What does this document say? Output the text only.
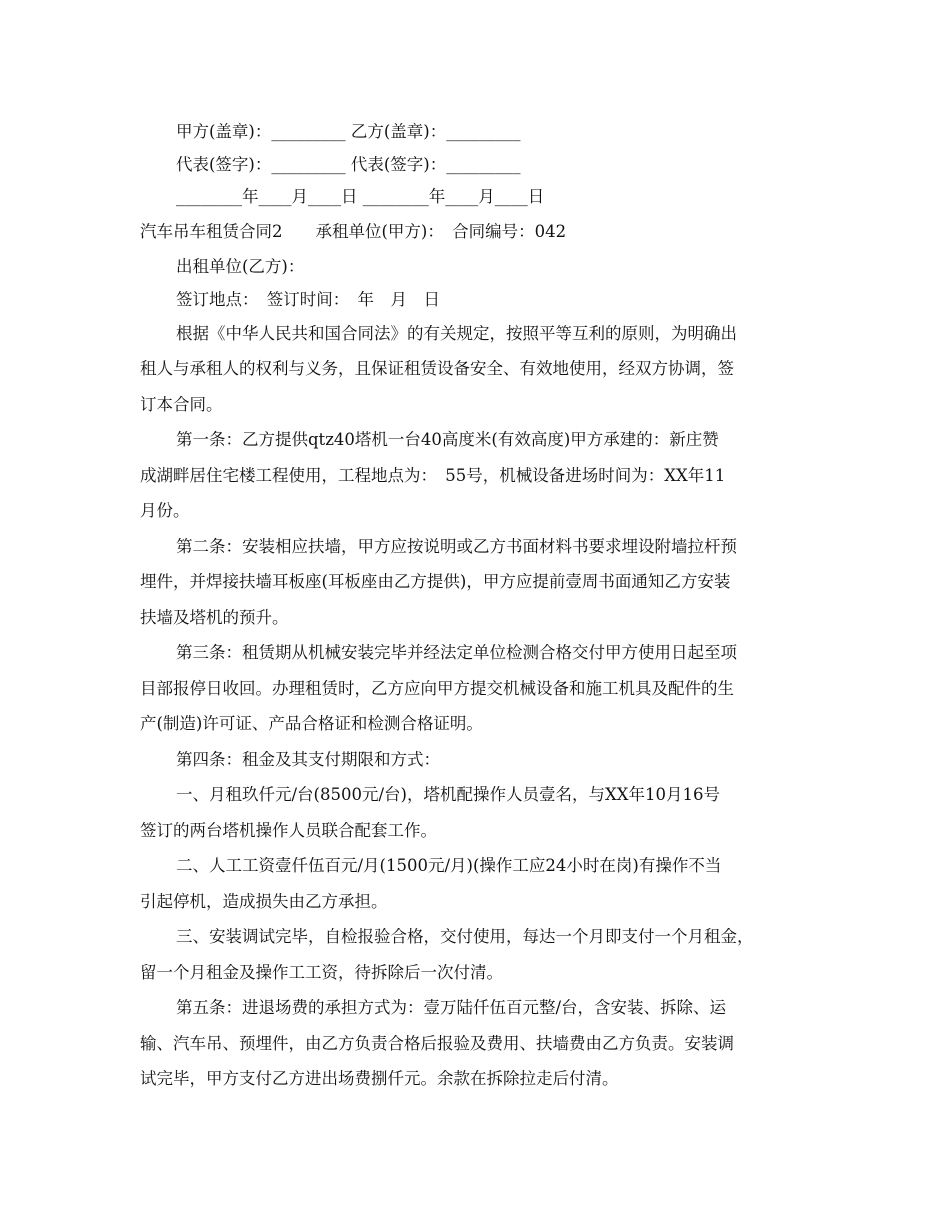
甲方(盖章)：_________ 乙方(盖章)：_________
代表(签字)：_________ 代表(签字)：_________
________年____月____日 ________年____月____日
汽车吊车租赁合同2　　承租单位(甲方)：　合同编号：042
出租单位(乙方)：
签订地点：　签订时间：　年　月　日
根据《中华人民共和国合同法》的有关规定，按照平等互利的原则，为明确出
租人与承租人的权利与义务，且保证租赁设备安全、有效地使用，经双方协调，签
订本合同。
第一条：乙方提供qtz40塔机一台40高度米(有效高度)甲方承建的：新庄赞
成湖畔居住宅楼工程使用，工程地点为：　55号，机械设备进场时间为：XX年11
月份。
第二条：安装相应扶墙，甲方应按说明或乙方书面材料书要求埋设附墙拉杆预
埋件，并焊接扶墙耳板座(耳板座由乙方提供)，甲方应提前壹周书面通知乙方安装
扶墙及塔机的预升。
第三条：租赁期从机械安装完毕并经法定单位检测合格交付甲方使用日起至项
目部报停日收回。办理租赁时，乙方应向甲方提交机械设备和施工机具及配件的生
产(制造)许可证、产品合格证和检测合格证明。
第四条：租金及其支付期限和方式：
一、月租玖仟元/台(8500元/台)，塔机配操作人员壹名，与XX年10月16号
签订的两台塔机操作人员联合配套工作。
二、人工工资壹仟伍百元/月(1500元/月)(操作工应24小时在岗)有操作不当
引起停机，造成损失由乙方承担。
三、安装调试完毕，自检报验合格，交付使用，每达一个月即支付一个月租金，
留一个月租金及操作工工资，待拆除后一次付清。
第五条：进退场费的承担方式为：壹万陆仟伍百元整/台，含安装、拆除、运
输、汽车吊、预埋件，由乙方负责合格后报验及费用、扶墙费由乙方负责。安装调
试完毕，甲方支付乙方进出场费捌仟元。余款在拆除拉走后付清。
